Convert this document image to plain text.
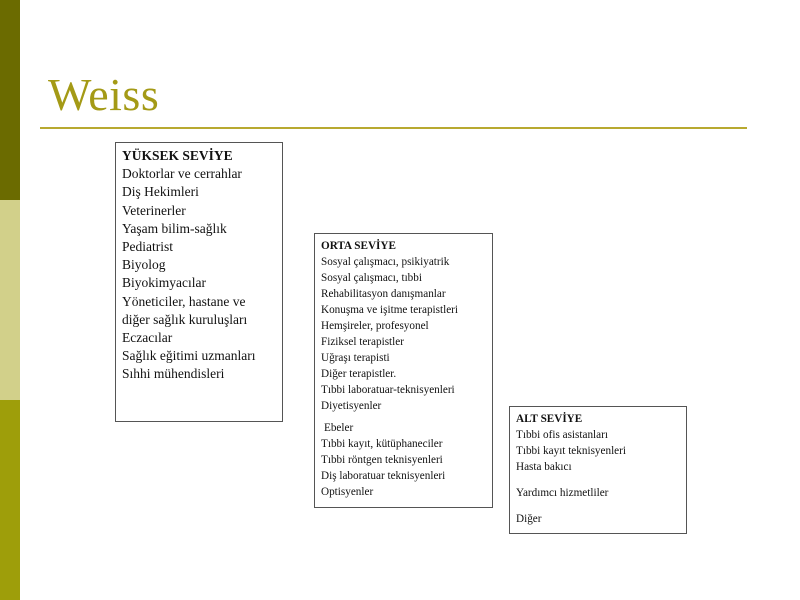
Weiss
YÜKSEK SEVİYE
Doktorlar ve cerrahlar
Diş Hekimleri
Veterinerler
Yaşam bilim-sağlık
Pediatrist
Biyolog
Biyokimyacılar
Yöneticiler, hastane ve
diğer sağlık kuruluşları
Eczacılar
Sağlık eğitimi uzmanları
Sıhhi mühendisleri
ORTA SEVİYE
Sosyal çalışmacı, psikiyatrik
Sosyal çalışmacı, tıbbi
Rehabilitasyon danışmanlar
Konuşma ve işitme terapistleri
Hemşireler, profesyonel
Fiziksel terapistler
Uğraşı terapisti
Diğer terapistler.
Tıbbi laboratuar-teknisyenleri
Diyetisyenler
Ebeler
Tıbbi kayıt, kütüphaneciler
Tıbbi röntgen teknisyenleri
Diş laboratuar teknisyenleri
Optisyenler
ALT SEVİYE
Tıbbi ofis asistanları
Tıbbi kayıt teknisyenleri
Hasta bakıcı
Yardımcı hizmetliler
Diğer
